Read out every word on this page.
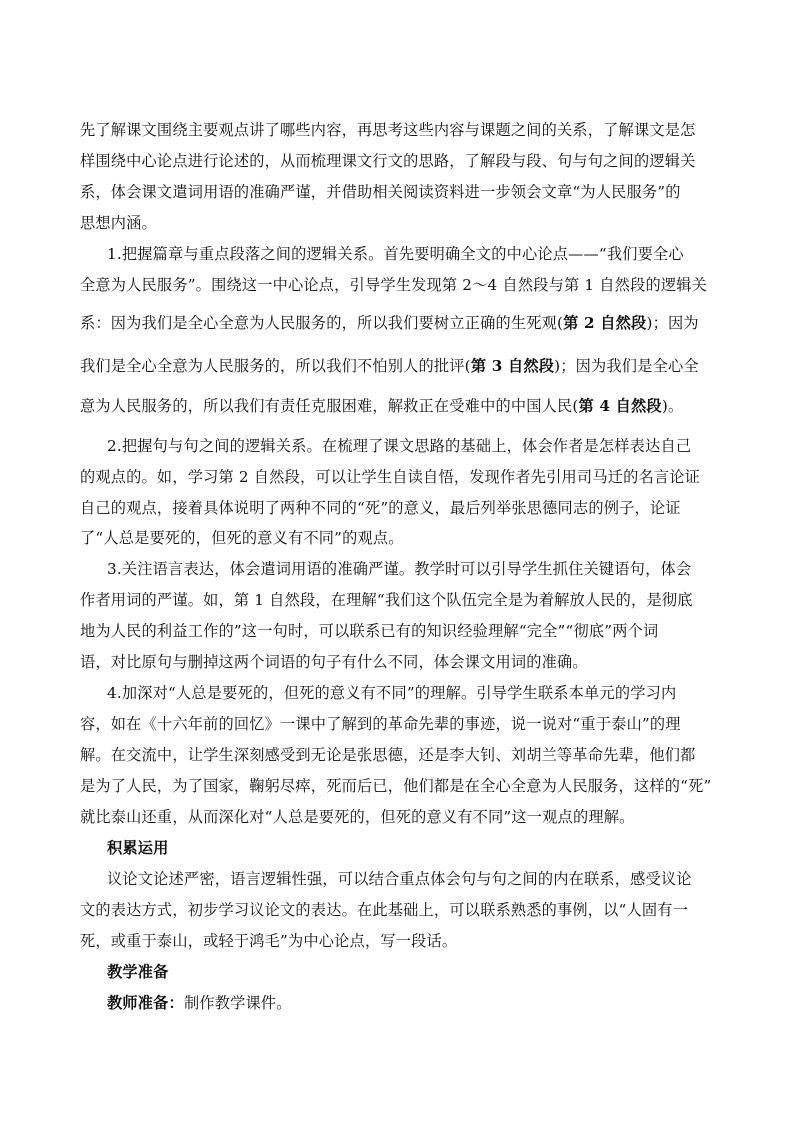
先了解课文围绕主要观点讲了哪些内容，再思考这些内容与课题之间的关系，了解课文是怎
样围绕中心论点进行论述的，从而梳理课文行文的思路，了解段与段、句与句之间的逻辑关
系，体会课文遣词用语的准确严谨，并借助相关阅读资料进一步领会文章“为人民服务”的
思想内涵。
1.把握篇章与重点段落之间的逻辑关系。首先要明确全文的中心论点——“我们要全心
全意为人民服务”。围绕这一中心论点，引导学生发现第 2～4 自然段与第 1 自然段的逻辑关
系：因为我们是全心全意为人民服务的，所以我们要树立正确的生死观(第 2 自然段)；因为
我们是全心全意为人民服务的，所以我们不怕别人的批评(第 3 自然段)；因为我们是全心全
意为人民服务的，所以我们有责任克服困难，解救正在受难中的中国人民(第 4 自然段)。
2.把握句与句之间的逻辑关系。在梳理了课文思路的基础上，体会作者是怎样表达自己
的观点的。如，学习第 2 自然段，可以让学生自读自悟，发现作者先引用司马迁的名言论证
自己的观点，接着具体说明了两种不同的“死”的意义，最后列举张思德同志的例子，论证
了“人总是要死的，但死的意义有不同”的观点。
3.关注语言表达，体会遣词用语的准确严谨。教学时可以引导学生抓住关键语句，体会
作者用词的严谨。如，第 1 自然段，在理解“我们这个队伍完全是为着解放人民的，是彻底
地为人民的利益工作的”这一句时，可以联系已有的知识经验理解“完全”“彻底”两个词
语，对比原句与删掉这两个词语的句子有什么不同，体会课文用词的准确。
4.加深对“人总是要死的，但死的意义有不同”的理解。引导学生联系本单元的学习内
容，如在《十六年前的回忆》一课中了解到的革命先辈的事迹，说一说对“重于泰山”的理
解。在交流中，让学生深刻感受到无论是张思德，还是李大钊、刘胡兰等革命先辈，他们都
是为了人民，为了国家，鞠躬尽瘁，死而后已，他们都是在全心全意为人民服务，这样的“死”
就比泰山还重，从而深化对“人总是要死的，但死的意义有不同”这一观点的理解。
积累运用
议论文论述严密，语言逻辑性强，可以结合重点体会句与句之间的内在联系，感受议论
文的表达方式，初步学习议论文的表达。在此基础上，可以联系熟悉的事例，以“人固有一
死，或重于泰山，或轻于鸿毛”为中心论点，写一段话。
教学准备
教师准备：制作教学课件。
